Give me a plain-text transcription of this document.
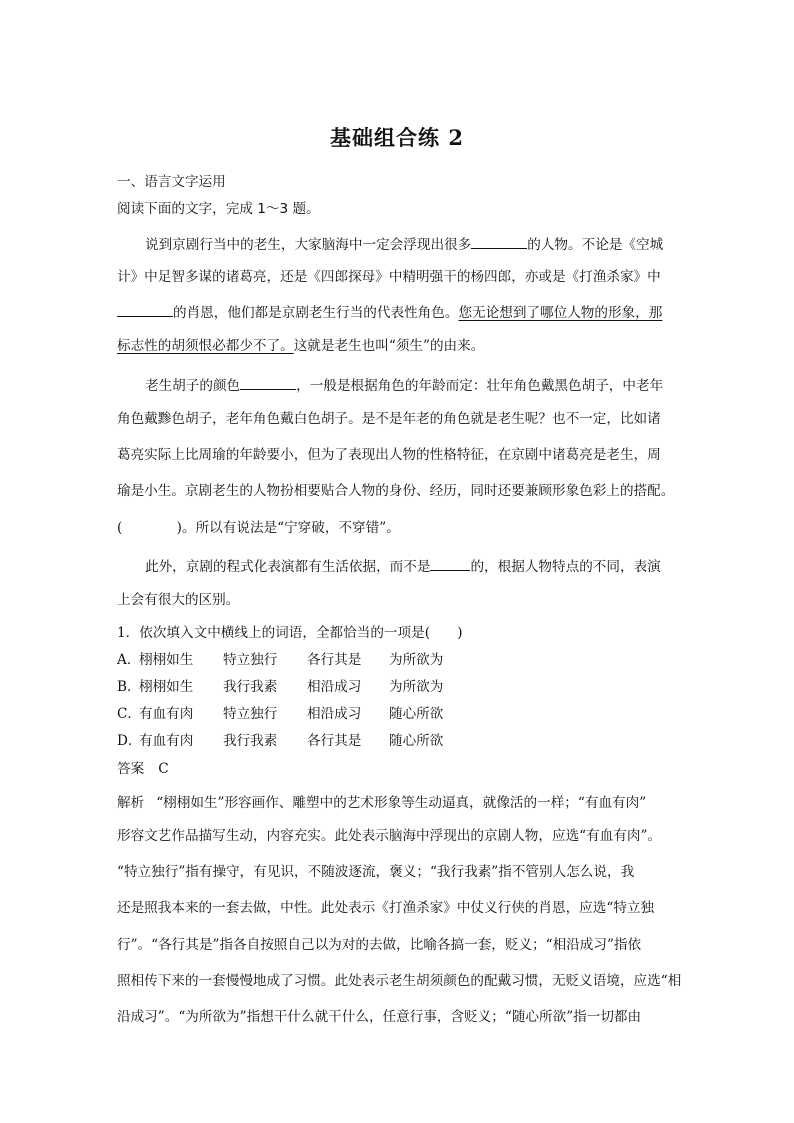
基础组合练 2
一、语言文字运用
阅读下面的文字，完成 1～3 题。
说到京剧行当中的老生，大家脑海中一定会浮现出很多	的人物。不论是《空城
计》中足智多谋的诸葛亮，还是《四郎探母》中精明强干的杨四郎，亦或是《打渔杀家》中
的肖恩，他们都是京剧老生行当的代表性角色。您无论想到了哪位人物的形象，那
标志性的胡须恨必都少不了。这就是老生也叫“须生”的由来。
老生胡子的颜色	，一般是根据角色的年龄而定：壮年角色戴黑色胡子，中老年
角色戴黪色胡子，老年角色戴白色胡子。是不是年老的角色就是老生呢？也不一定，比如诸
葛亮实际上比周瑜的年龄要小，但为了表现出人物的性格特征，在京剧中诸葛亮是老生，周
瑜是小生。京剧老生的人物扮相要贴合人物的身份、经历，同时还要兼顾形象色彩上的搭配。
(　　　　)。所以有说法是“宁穿破，不穿错”。
此外，京剧的程式化表演都有生活依据，而不是	的，根据人物特点的不同，表演
上会有很大的区别。
1．依次填入文中横线上的词语，全都恰当的一项是(　　)
A．栩栩如生 特立独行 各行其是 为所欲为
B．栩栩如生 我行我素 相沿成习 为所欲为
C．有血有肉 特立独行 相沿成习 随心所欲
D．有血有肉 我行我素 各行其是 随心所欲
答案 C
解析 “栩栩如生”形容画作、雕塑中的艺术形象等生动逼真，就像活的一样；“有血有肉”
形容文艺作品描写生动，内容充实。此处表示脑海中浮现出的京剧人物，应选“有血有肉”。
“特立独行”指有操守，有见识，不随波逐流，褒义；“我行我素”指不管别人怎么说，我
还是照我本来的一套去做，中性。此处表示《打渔杀家》中仗义行侠的肖恩，应选“特立独
行”。“各行其是”指各自按照自己以为对的去做，比喻各搞一套，贬义；“相沿成习”指依
照相传下来的一套慢慢地成了习惯。此处表示老生胡须颜色的配戴习惯，无贬义语境，应选“相
沿成习”。“为所欲为”指想干什么就干什么，任意行事，含贬义；“随心所欲”指一切都由
